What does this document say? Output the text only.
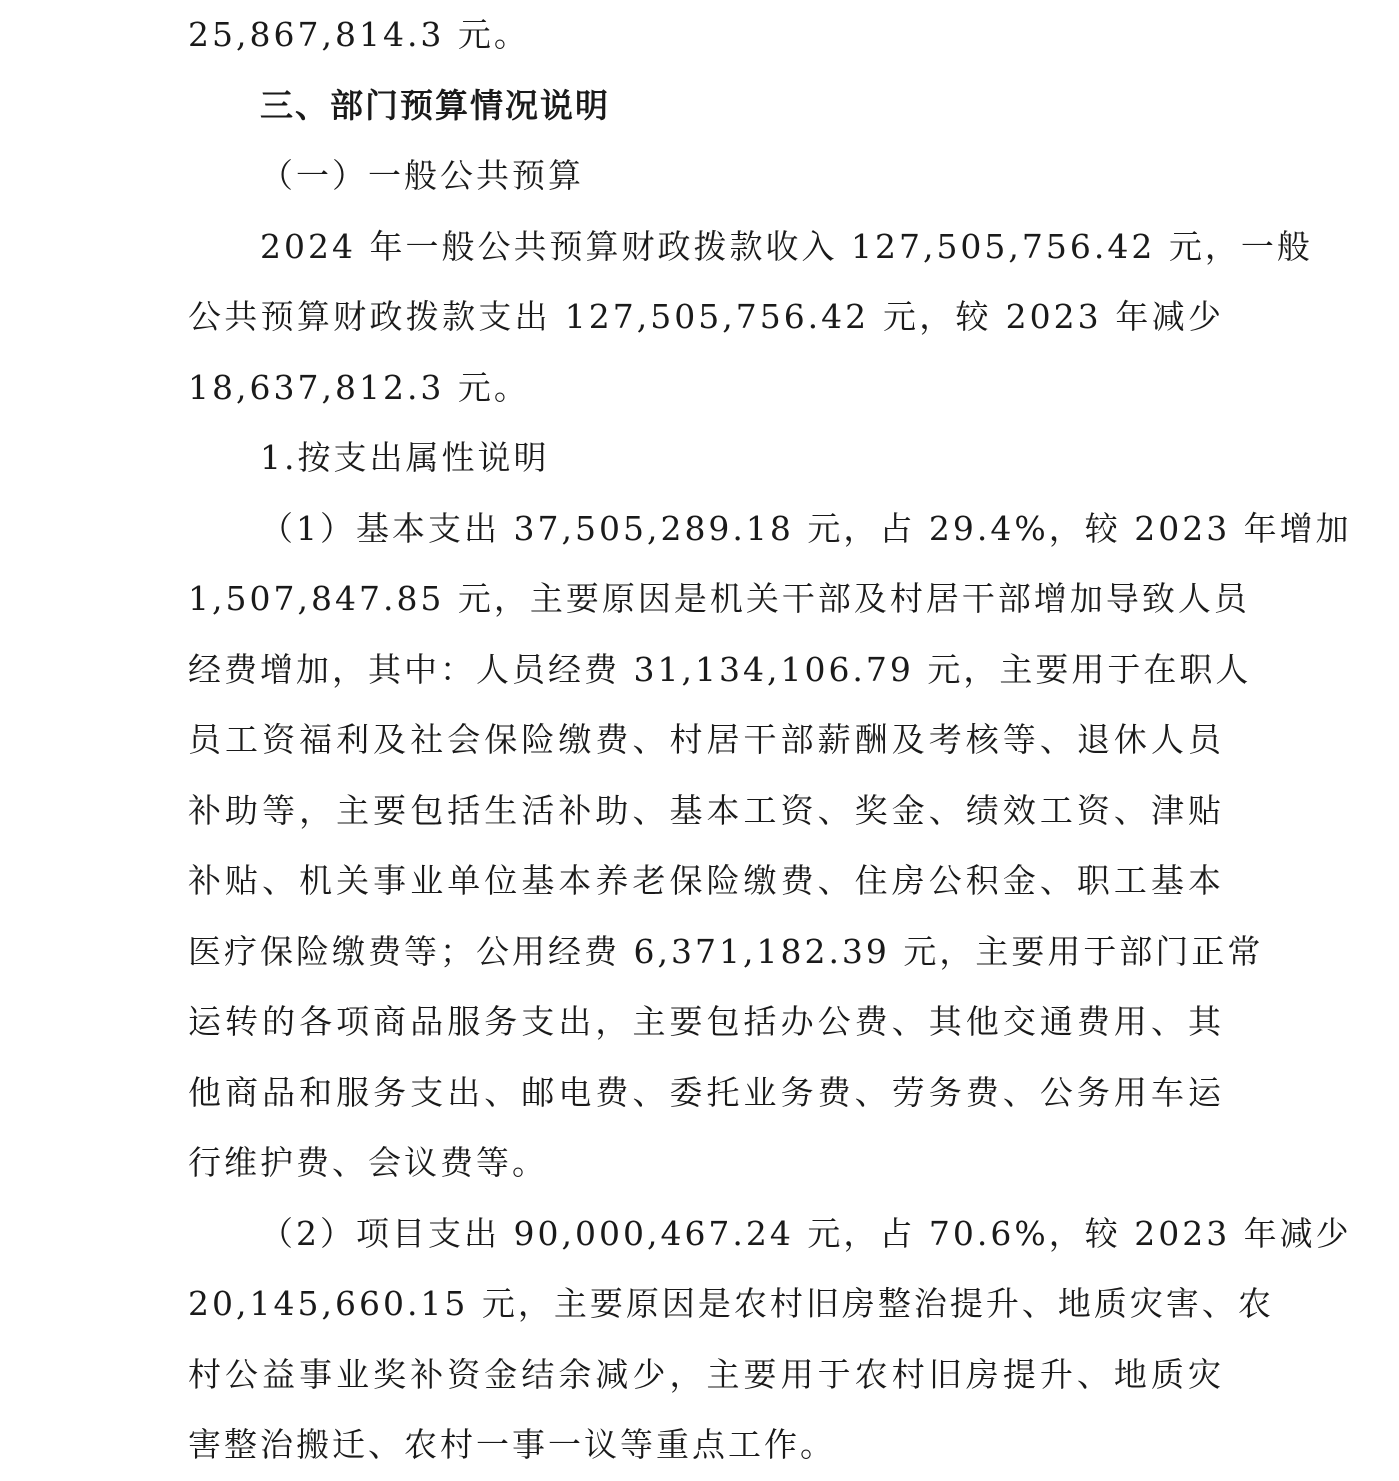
25,867,814.3 元。

三、部门预算情况说明

（一）一般公共预算

2024 年一般公共预算财政拨款收入 127,505,756.42 元，一般

公共预算财政拨款支出 127,505,756.42 元，较 2023 年减少

18,637,812.3 元。

1.按支出属性说明

（1）基本支出 37,505,289.18 元，占 29.4%，较 2023 年增加

1,507,847.85 元，主要原因是机关干部及村居干部增加导致人员

经费增加，其中：人员经费 31,134,106.79 元，主要用于在职人

员工资福利及社会保险缴费、村居干部薪酬及考核等、退休人员

补助等，主要包括生活补助、基本工资、奖金、绩效工资、津贴

补贴、机关事业单位基本养老保险缴费、住房公积金、职工基本

医疗保险缴费等；公用经费 6,371,182.39 元，主要用于部门正常

运转的各项商品服务支出，主要包括办公费、其他交通费用、其

他商品和服务支出、邮电费、委托业务费、劳务费、公务用车运

行维护费、会议费等。

（2）项目支出 90,000,467.24 元，占 70.6%，较 2023 年减少

20,145,660.15 元，主要原因是农村旧房整治提升、地质灾害、农

村公益事业奖补资金结余减少，主要用于农村旧房提升、地质灾

害整治搬迁、农村一事一议等重点工作。
